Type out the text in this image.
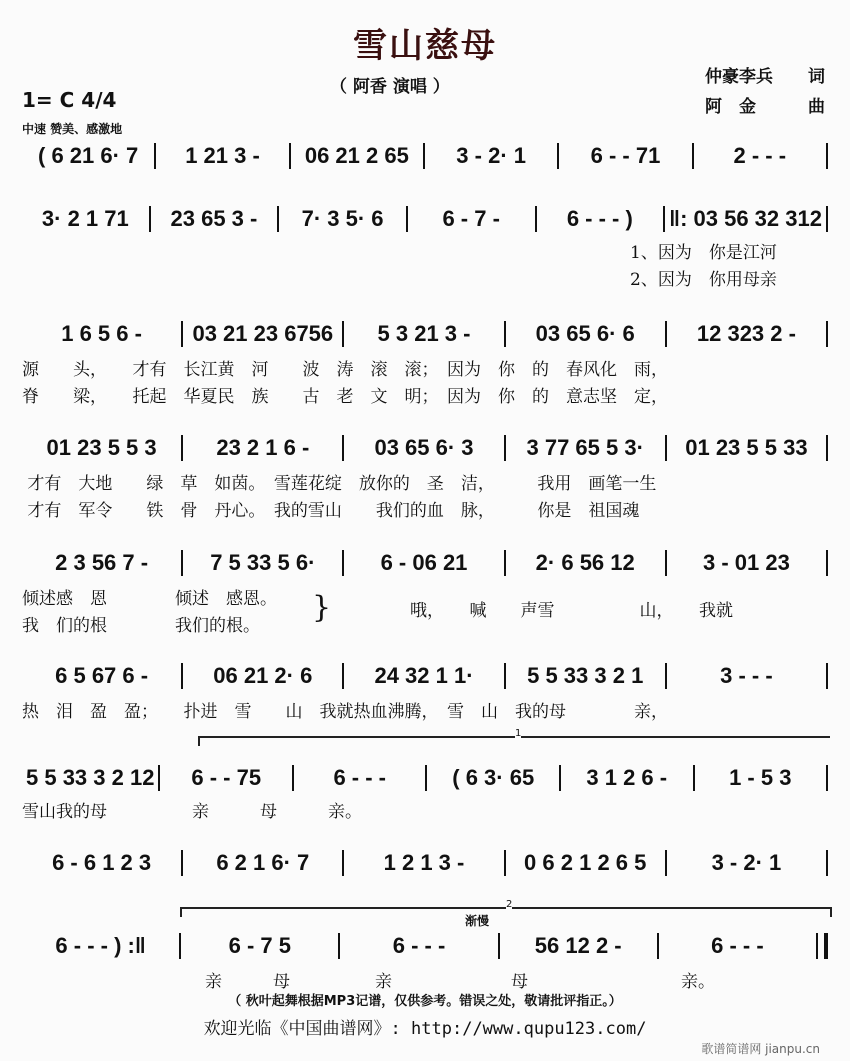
雪山慈母
（ 阿香 演唱 ）	仲豪李兵 词
阿　金	曲
1= C 4/4
中速 赞美、感激地
( 6 21 6· 7	1 21 3 -	06 21 2 65	3 - 2· 1	6 - - 71	2 - - -
3· 2 1 71	23 65 3 -	7· 3 5· 6	6 - 7 -	6 - - - )	‖: 03 56 32 312
1 6 5 6 -	03 21 23 6756	5 3 21 3 -	03 65 6· 6	12 323 2 -
01 23 5 5 3	23 2 1 6 -	03 65 6· 3	3 77 65 5 3·	01 23 5 5 33
2 3 56 7 -	7 5 33 5 6·	6 - 06 21	2· 6 56 12	3 - 01 23
6 5 67 6 -	06 21 2· 6	24 32 1 1·	5 5 33 3 2 1	3 - - -
5 5 33 3 2 12	6 - - 75	6 - - -	( 6 3· 65	3 1 2 6 -	1 - 5 3
6 - 6 1 2 3	6 2 1 6· 7	1 2 1 3 -	0 6 2 1 2 6 5	3 - 2· 1
6 - - - ) :‖	6 - 7 5	6 - - -	56 12 2 -	6 - - -
1、因为　你是江河
2、因为　你用母亲
源　　头，　　才有　长江黄　河　　波　涛　滚　滚；　因为　你　的　春风化　雨，
脊　　梁，　　托起　华夏民　族　　古　老　文　明；　因为　你　的　意志坚　定，
才有　大地　　绿　草　如茵。　雪莲花绽　放你的　圣　洁，　　　我用　画笔一生
才有　军令　　铁　骨　丹心。　我的雪山　　我们的血　脉，　　　你是　祖国魂
倾述感　恩　　　　倾述　感恩。
我　们的根　　　　我们的根。
}	哦，　　喊　　声雪　　　　　山，　　我就
热　泪　盈　盈；　　扑进　雪　　山　我就热血沸腾，　雪　山　我的母　　　　亲，
雪山我的母　　　　　亲　　　母　　　亲。
亲　　　母　　　　　亲　　　　　　　母　　　　　　　　　亲。
1
2
渐慢
（ 秋叶起舞根据MP3记谱，仅供参考。错误之处，敬请批评指正。）
欢迎光临《中国曲谱网》: http://www.qupu123.com/
歌谱简谱网 jianpu.cn
